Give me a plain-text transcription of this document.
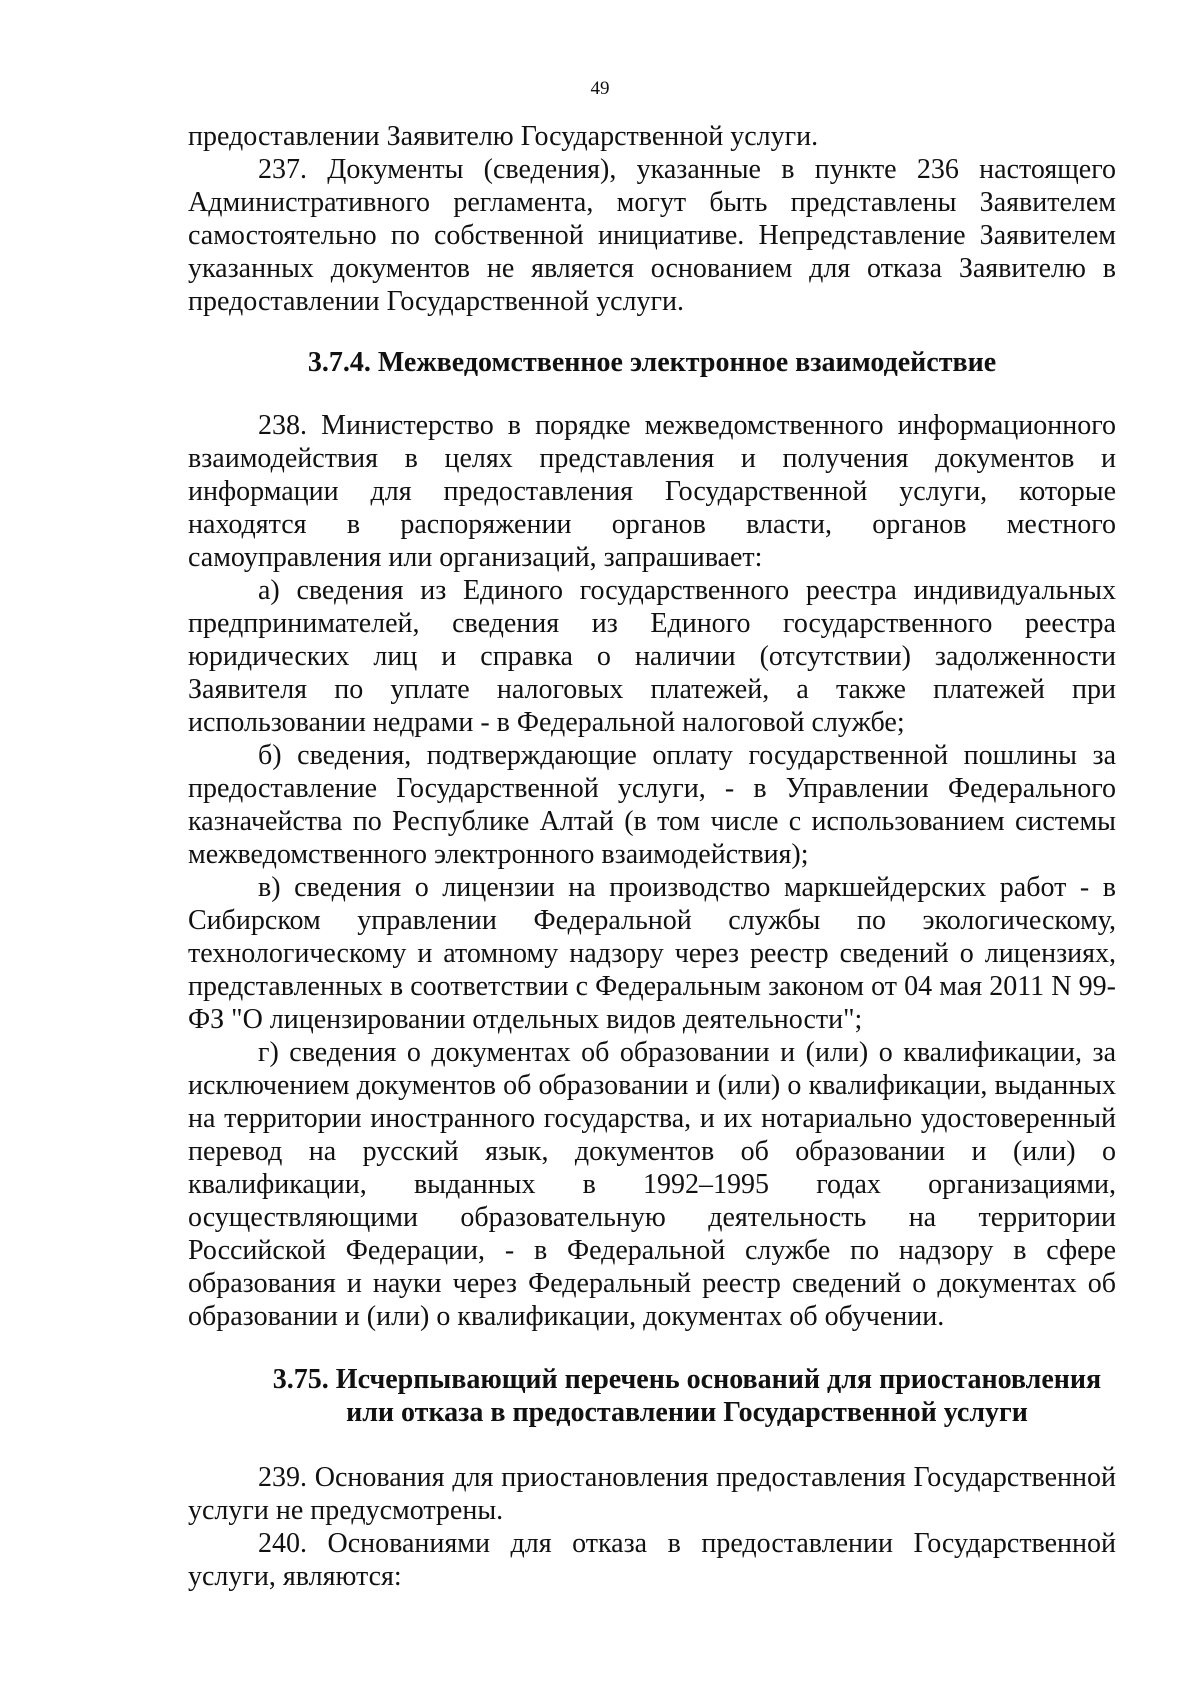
49

предоставлении Заявителю Государственной услуги.

237. Документы (сведения), указанные в пункте 236 настоящего Административного регламента, могут быть представлены Заявителем самостоятельно по собственной инициативе. Непредставление Заявителем указанных документов не является основанием для отказа Заявителю в предоставлении Государственной услуги.

3.7.4. Межведомственное электронное взаимодействие

238. Министерство в порядке межведомственного информационного взаимодействия в целях представления и получения документов и информации для предоставления Государственной услуги, которые находятся в распоряжении органов власти, органов местного самоуправления или организаций, запрашивает:

а) сведения из Единого государственного реестра индивидуальных предпринимателей, сведения из Единого государственного реестра юридических лиц и справка о наличии (отсутствии) задолженности Заявителя по уплате налоговых платежей, а также платежей при использовании недрами - в Федеральной налоговой службе;

б) сведения, подтверждающие оплату государственной пошлины за предоставление Государственной услуги, - в Управлении Федерального казначейства по Республике Алтай (в том числе с использованием системы межведомственного электронного взаимодействия);

в) сведения о лицензии на производство маркшейдерских работ - в Сибирском управлении Федеральной службы по экологическому, технологическому и атомному надзору через реестр сведений о лицензиях, представленных в соответствии с Федеральным законом от 04 мая 2011 N 99-ФЗ "О лицензировании отдельных видов деятельности";

г) сведения о документах об образовании и (или) о квалификации, за исключением документов об образовании и (или) о квалификации, выданных на территории иностранного государства, и их нотариально удостоверенный перевод на русский язык, документов об образовании и (или) о квалификации, выданных в 1992–1995 годах организациями, осуществляющими образовательную деятельность на территории Российской Федерации, - в Федеральной службе по надзору в сфере образования и науки через Федеральный реестр сведений о документах об образовании и (или) о квалификации, документах об обучении.

3.75. Исчерпывающий перечень оснований для приостановления
или отказа в предоставлении Государственной услуги

239. Основания для приостановления предоставления Государственной услуги не предусмотрены.

240. Основаниями для отказа в предоставлении Государственной услуги, являются:
